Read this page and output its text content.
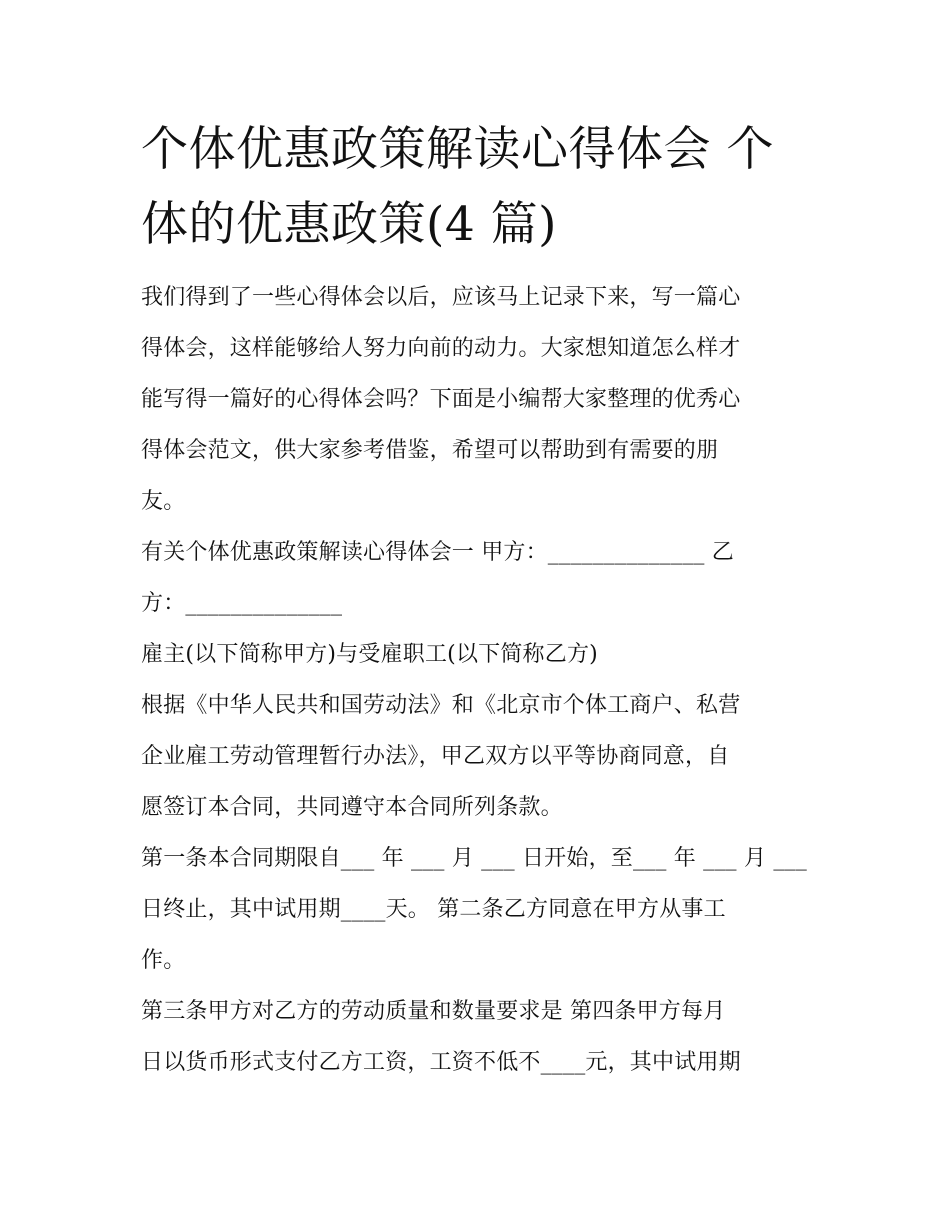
个体优惠政策解读心得体会 个
体的优惠政策(4 篇)

我们得到了一些心得体会以后，应该马上记录下来，写一篇心
得体会，这样能够给人努力向前的动力。大家想知道怎么样才
能写得一篇好的心得体会吗？下面是小编帮大家整理的优秀心
得体会范文，供大家参考借鉴，希望可以帮助到有需要的朋
友。

有关个体优惠政策解读心得体会一 甲方：______________ 乙
方：______________

雇主(以下简称甲方)与受雇职工(以下简称乙方)

根据《中华人民共和国劳动法》和《北京市个体工商户、私营
企业雇工劳动管理暂行办法》，甲乙双方以平等协商同意，自
愿签订本合同，共同遵守本合同所列条款。

第一条本合同期限自___ 年 ___ 月 ___ 日开始，至___ 年 ___ 月 ___
日终止，其中试用期____天。 第二条乙方同意在甲方从事工
作。

第三条甲方对乙方的劳动质量和数量要求是 第四条甲方每月
日以货币形式支付乙方工资，工资不低不____元，其中试用期
